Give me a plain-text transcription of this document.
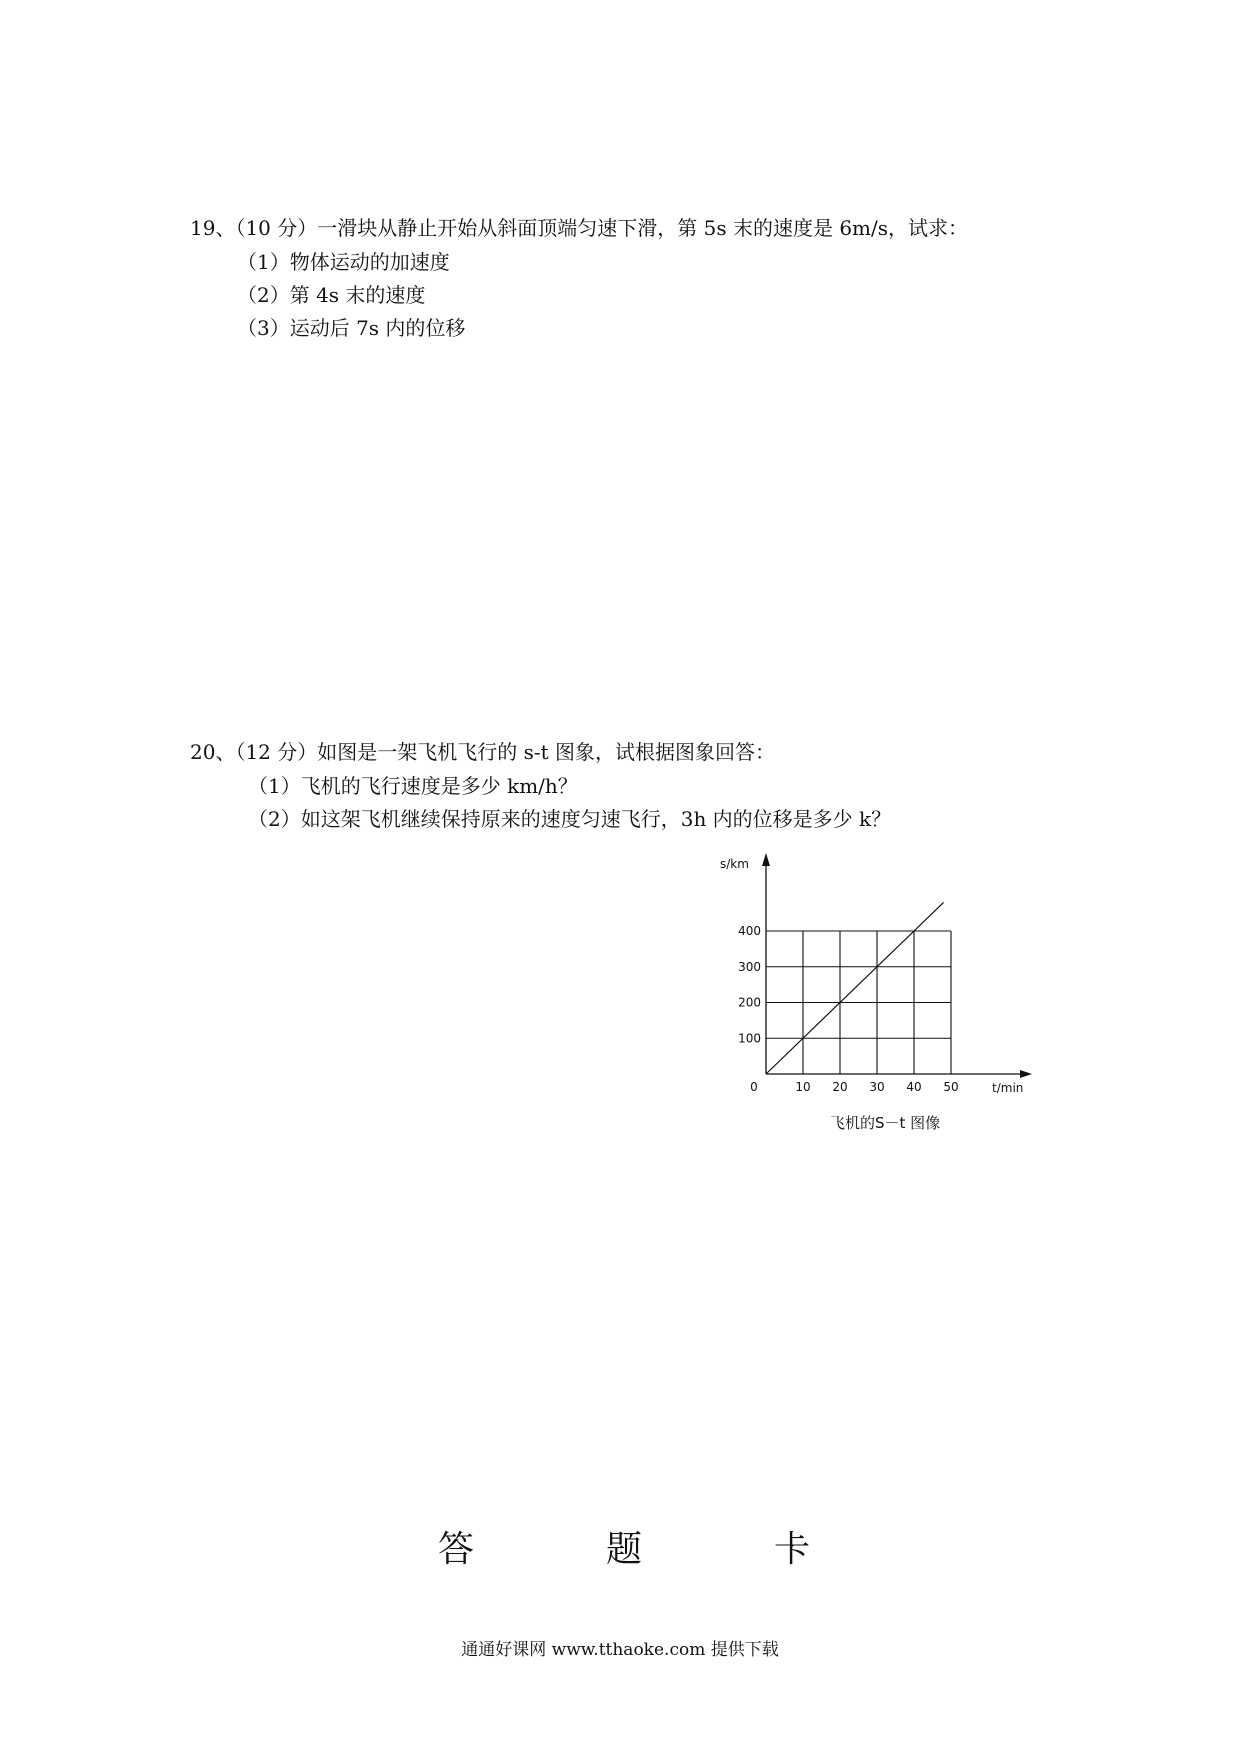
19、（10 分）一滑块从静止开始从斜面顶端匀速下滑，第 5s 末的速度是 6m/s，试求：
（1）物体运动的加速度
（2）第 4s 末的速度
（3）运动后 7s 内的位移
20、（12 分）如图是一架飞机飞行的 s-t 图象，试根据图象回答：
（1）飞机的飞行速度是多少 km/h？
（2）如这架飞机继续保持原来的速度匀速飞行，3h 内的位移是多少 k？
s/km
t/min
飞机的S－t 图像
0	10 20 30 40 50
100
200
300
400
答	题	卡
通通好课网 www.tthaoke.com 提供下载
